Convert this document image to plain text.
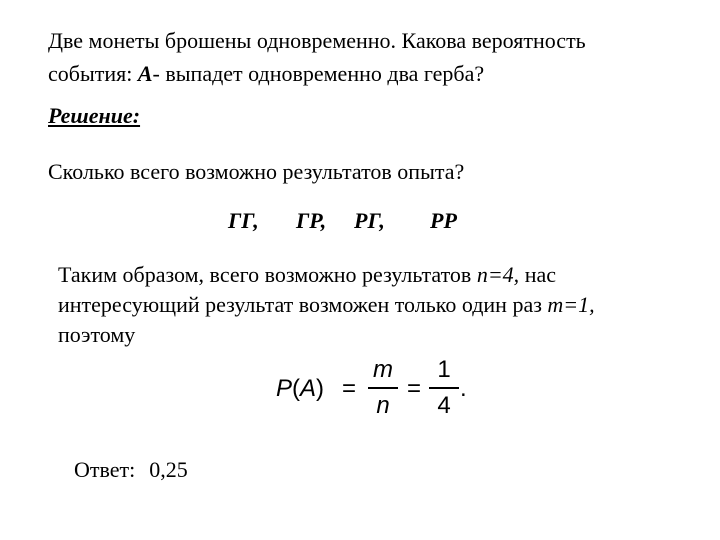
Две монеты брошены одновременно. Какова вероятность
события: А- выпадет одновременно два герба?
Решение:
Сколько всего возможно результатов опыта?
ГГ, ГР, РГ, РР
Таким образом, всего возможно результатов n=4, нас
интересующий результат возможен только один раз m=1,
поэтому
P(A) =
m
n
=
1
4
.
Ответ: 0,25
